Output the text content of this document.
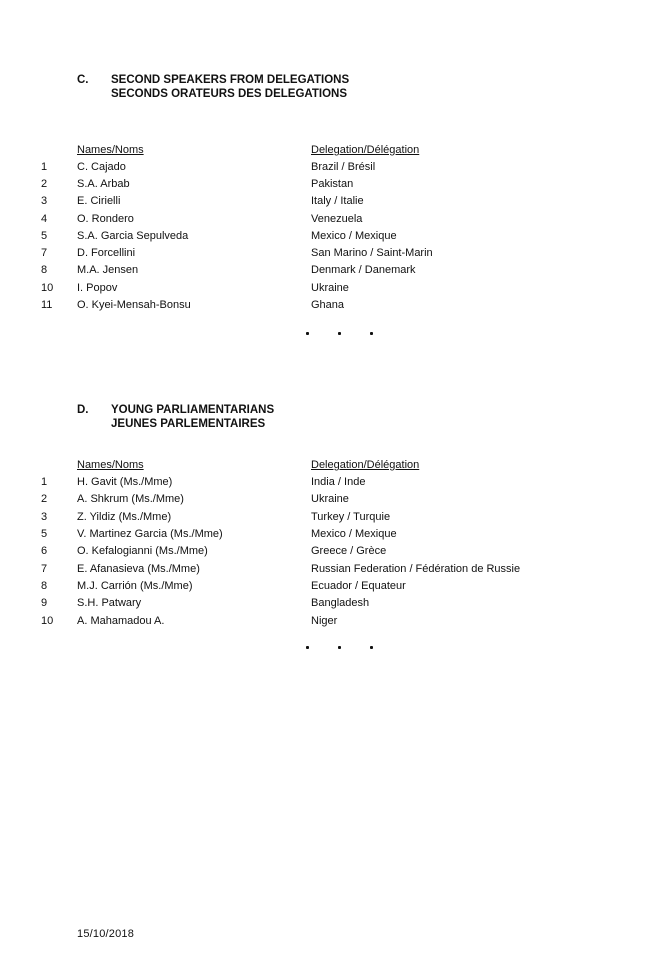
C. SECOND SPEAKERS FROM DELEGATIONS
SECONDS ORATEURS DES DELEGATIONS
Names/Noms	Delegation/Délégation
1	C. Cajado	Brazil / Brésil
2	S.A. Arbab	Pakistan
3	E. Cirielli	Italy / Italie
4	O. Rondero	Venezuela
5	S.A. Garcia Sepulveda	Mexico / Mexique
7	D. Forcellini	San Marino / Saint-Marin
8	M.A. Jensen	Denmark / Danemark
10 I. Popov	Ukraine
11 O. Kyei-Mensah-Bonsu	Ghana
D. YOUNG PARLIAMENTARIANS
JEUNES PARLEMENTAIRES
Names/Noms	Delegation/Délégation
1	H. Gavit (Ms./Mme)	India / Inde
2	A. Shkrum (Ms./Mme)	Ukraine
3	Z. Yildiz (Ms./Mme)	Turkey / Turquie
5	V. Martinez Garcia (Ms./Mme)	Mexico / Mexique
6	O. Kefalogianni (Ms./Mme)	Greece / Grèce
7	E. Afanasieva (Ms./Mme)	Russian Federation / Fédération de Russie
8	M.J. Carrión (Ms./Mme)	Ecuador / Equateur
9	S.H. Patwary	Bangladesh
10 A. Mahamadou A.	Niger
15/10/2018
